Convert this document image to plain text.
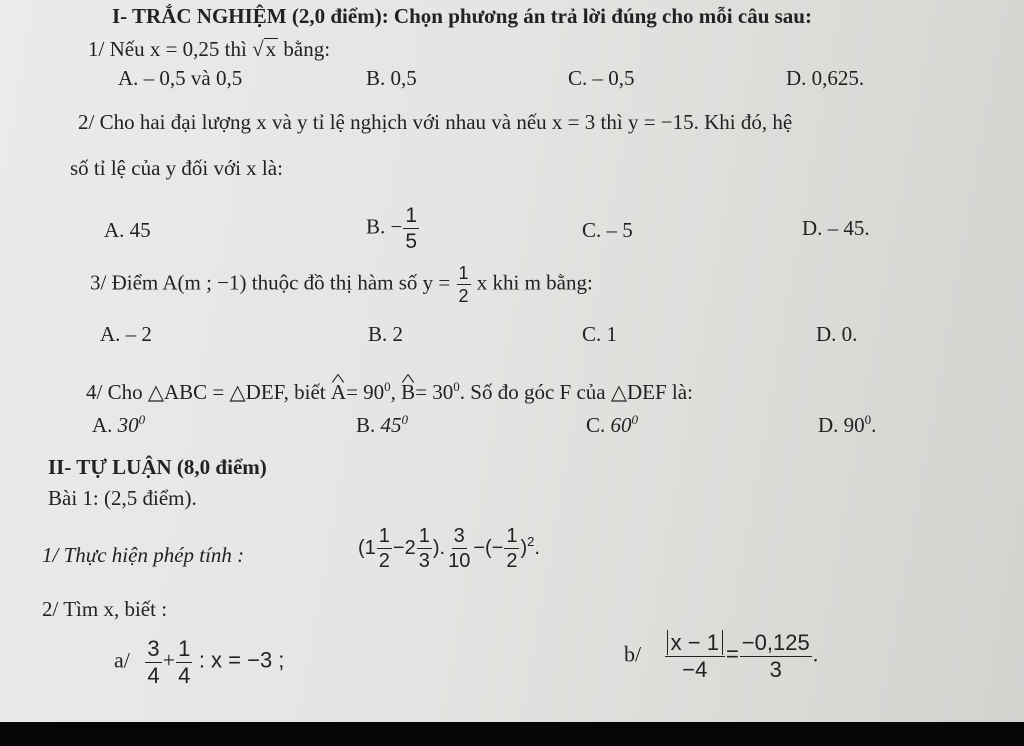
I- TRẮC NGHIỆM (2,0 điểm): Chọn phương án trả lời đúng cho mỗi câu sau:
1/ Nếu x = 0,25 thì √x bằng:
A. – 0,5 và 0,5	B. 0,5	C. – 0,5	D. 0,625.
2/ Cho hai đại lượng x và y tỉ lệ nghịch với nhau và nếu x = 3 thì y = −15. Khi đó, hệ
số tỉ lệ của y đối với x là:
A. 45	B. − $\frac{1}{5}$	C. – 5	D. – 45.
3/ Điểm A(m ; −1) thuộc đồ thị hàm số $y = \frac{1}{2}$ x khi m bằng:
A. – 2	B. 2	C. 1	D. 0.
4/ Cho △ABC = △DEF, biết ^ $A= 90^0$, ^ $B= 30^0$. Số đo góc F của △DEF là:
A. $30^0$	B. $45^0$	C. $60^0$	D. $90^0$.
II- TỰ LUẬN (8,0 điểm)
Bài 1: (2,5 điểm).
1/ Thực hiện phép tính :	($1 \frac{1}{2} -2 \frac{1}{3}$ ). $\frac{3}{10}$ −(− $\frac{1}{2} )^2$.
2/ Tìm x, biết :
$a/ \frac{3}{4} + \frac{1}{4}$ : x = −3 ;	$b/ \frac{x - 1}{-4} = \frac{-0,125}{3}$ .
